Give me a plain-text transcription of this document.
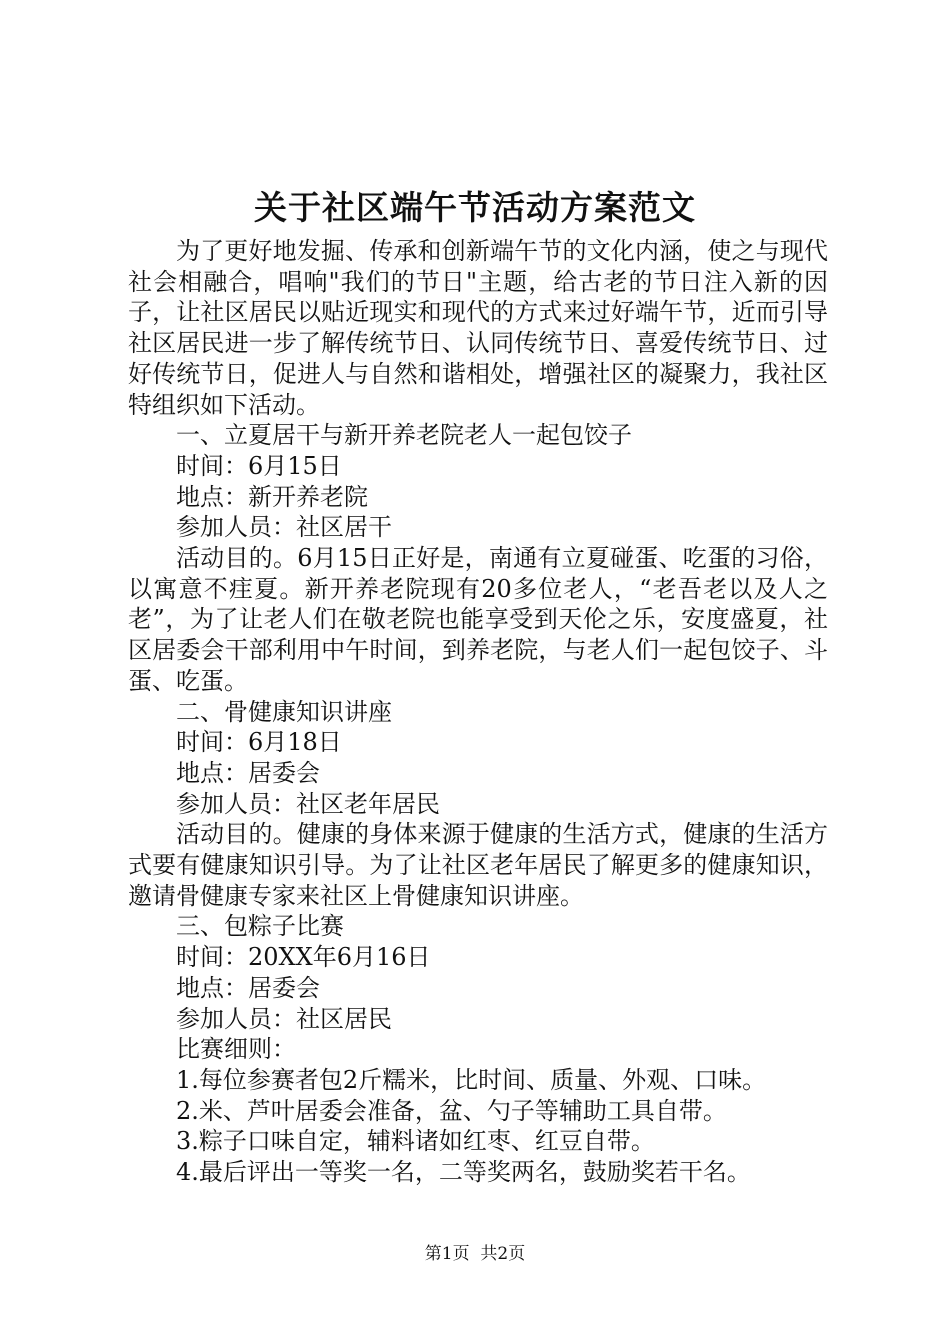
关于社区端午节活动方案范文

为了更好地发掘、传承和创新端午节的文化内涵，使之与现代社会相融合，唱响"我们的节日"主题，给古老的节日注入新的因子，让社区居民以贴近现实和现代的方式来过好端午节，近而引导社区居民进一步了解传统节日、认同传统节日、喜爱传统节日、过好传统节日，促进人与自然和谐相处，增强社区的凝聚力，我社区特组织如下活动。

一、立夏居干与新开养老院老人一起包饺子

时间：6月15日

地点：新开养老院

参加人员：社区居干

活动目的。6月15日正好是，南通有立夏碰蛋、吃蛋的习俗，以寓意不疰夏。新开养老院现有20多位老人，“老吾老以及人之老”，为了让老人们在敬老院也能享受到天伦之乐，安度盛夏，社区居委会干部利用中午时间，到养老院，与老人们一起包饺子、斗蛋、吃蛋。

二、骨健康知识讲座

时间：6月18日

地点：居委会

参加人员：社区老年居民

活动目的。健康的身体来源于健康的生活方式，健康的生活方式要有健康知识引导。为了让社区老年居民了解更多的健康知识，邀请骨健康专家来社区上骨健康知识讲座。

三、包粽子比赛

时间：20XX年6月16日

地点：居委会

参加人员：社区居民

比赛细则：

1.每位参赛者包2斤糯米，比时间、质量、外观、口味。

2.米、芦叶居委会准备，盆、勺子等辅助工具自带。

3.粽子口味自定，辅料诸如红枣、红豆自带。

4.最后评出一等奖一名，二等奖两名，鼓励奖若干名。

第1页 共2页
